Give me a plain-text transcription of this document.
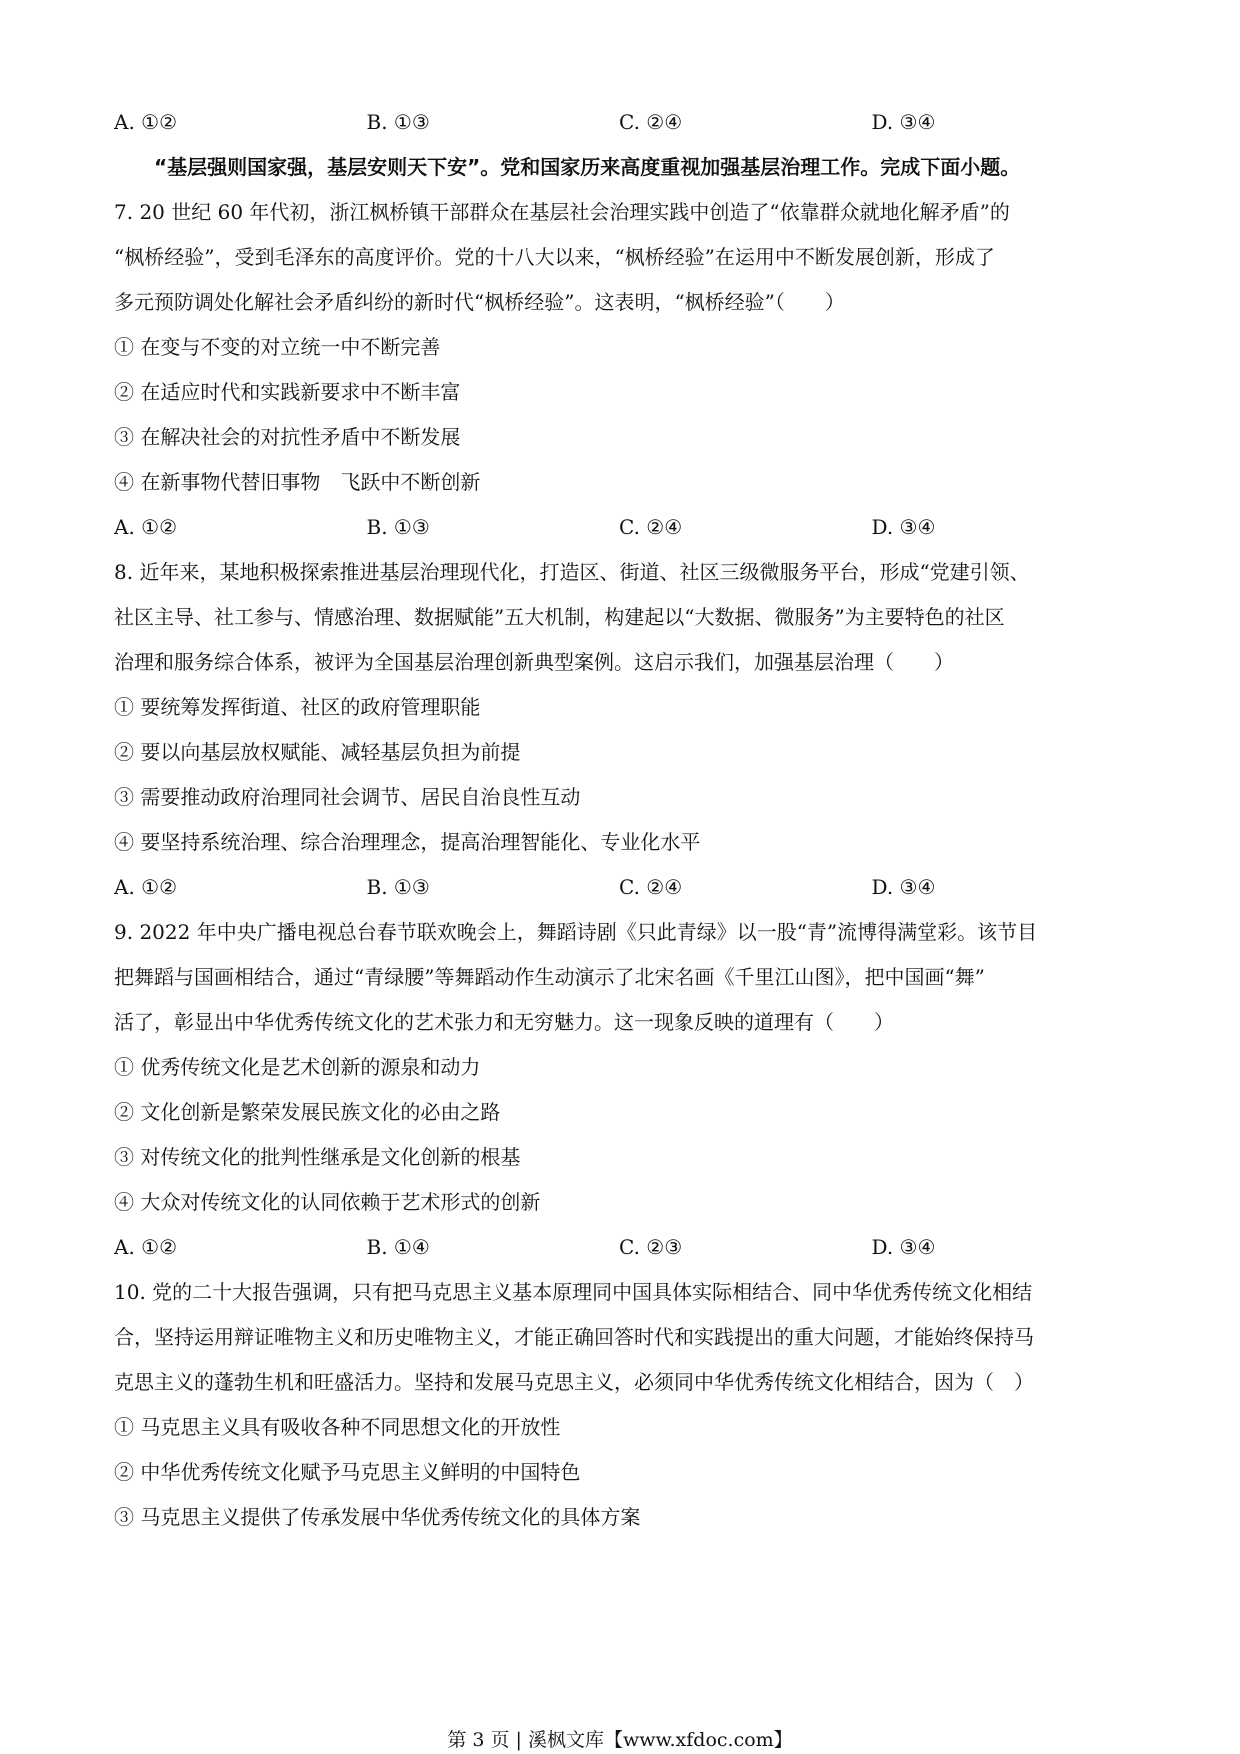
A. ①②	B. ①③	C. ②④	D. ③④
“基层强则国家强，基层安则天下安”。党和国家历来高度重视加强基层治理工作。完成下面小题。
7. 20 世纪 60 年代初，浙江枫桥镇干部群众在基层社会治理实践中创造了“依靠群众就地化解矛盾”的
“枫桥经验”，受到毛泽东的高度评价。党的十八大以来，“枫桥经验”在运用中不断发展创新，形成了
多元预防调处化解社会矛盾纠纷的新时代“枫桥经验”。这表明，“枫桥经验”（　　）
① 在变与不变的对立统一中不断完善
② 在适应时代和实践新要求中不断丰富
③ 在解决社会的对抗性矛盾中不断发展
④ 在新事物代替旧事物　飞跃中不断创新
A. ①②	B. ①③	C. ②④	D. ③④
8. 近年来，某地积极探索推进基层治理现代化，打造区、街道、社区三级微服务平台，形成“党建引领、
社区主导、社工参与、情感治理、数据赋能”五大机制，构建起以“大数据、微服务”为主要特色的社区
治理和服务综合体系，被评为全国基层治理创新典型案例。这启示我们，加强基层治理（　　）
① 要统筹发挥街道、社区的政府管理职能
② 要以向基层放权赋能、减轻基层负担为前提
③ 需要推动政府治理同社会调节、居民自治良性互动
④ 要坚持系统治理、综合治理理念，提高治理智能化、专业化水平
A. ①②	B. ①③	C. ②④	D. ③④
9. 2022 年中央广播电视总台春节联欢晚会上，舞蹈诗剧《只此青绿》以一股“青”流博得满堂彩。该节目
把舞蹈与国画相结合，通过“青绿腰”等舞蹈动作生动演示了北宋名画《千里江山图》，把中国画“舞”
活了，彰显出中华优秀传统文化的艺术张力和无穷魅力。这一现象反映的道理有（　　）
① 优秀传统文化是艺术创新的源泉和动力
② 文化创新是繁荣发展民族文化的必由之路
③ 对传统文化的批判性继承是文化创新的根基
④ 大众对传统文化的认同依赖于艺术形式的创新
A. ①②	B. ①④	C. ②③	D. ③④
10. 党的二十大报告强调，只有把马克思主义基本原理同中国具体实际相结合、同中华优秀传统文化相结
合，坚持运用辩证唯物主义和历史唯物主义，才能正确回答时代和实践提出的重大问题，才能始终保持马
克思主义的蓬勃生机和旺盛活力。坚持和发展马克思主义，必须同中华优秀传统文化相结合，因为（　）
① 马克思主义具有吸收各种不同思想文化的开放性
② 中华优秀传统文化赋予马克思主义鲜明的中国特色
③ 马克思主义提供了传承发展中华优秀传统文化的具体方案
第 3 页 | 溪枫文库【www.xfdoc.com】
